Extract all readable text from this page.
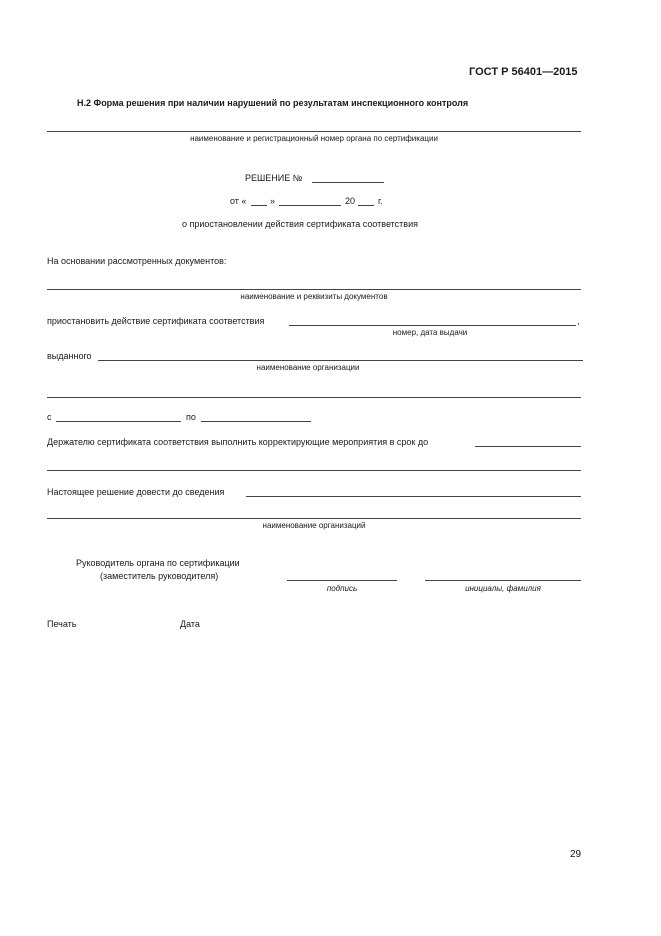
ГОСТ Р 56401—2015
Н.2 Форма решения при наличии нарушений по результатам инспекционного контроля
наименование и регистрационный номер органа по сертификации
РЕШЕНИЕ №
от «	»	20	г.
о приостановлении действия сертификата соответствия
На основании рассмотренных документов:
наименование и реквизиты документов
приостановить действие сертификата соответствия	,
номер, дата выдачи
выданного
наименование организации
с	по
Держателю сертификата соответствия выполнить корректирующие мероприятия в срок до
Настоящее решение довести до сведения
наименование организаций
Руководитель органа по сертификации
(заместитель руководителя)
подпись	инициалы, фамилия
Печать	Дата
29
